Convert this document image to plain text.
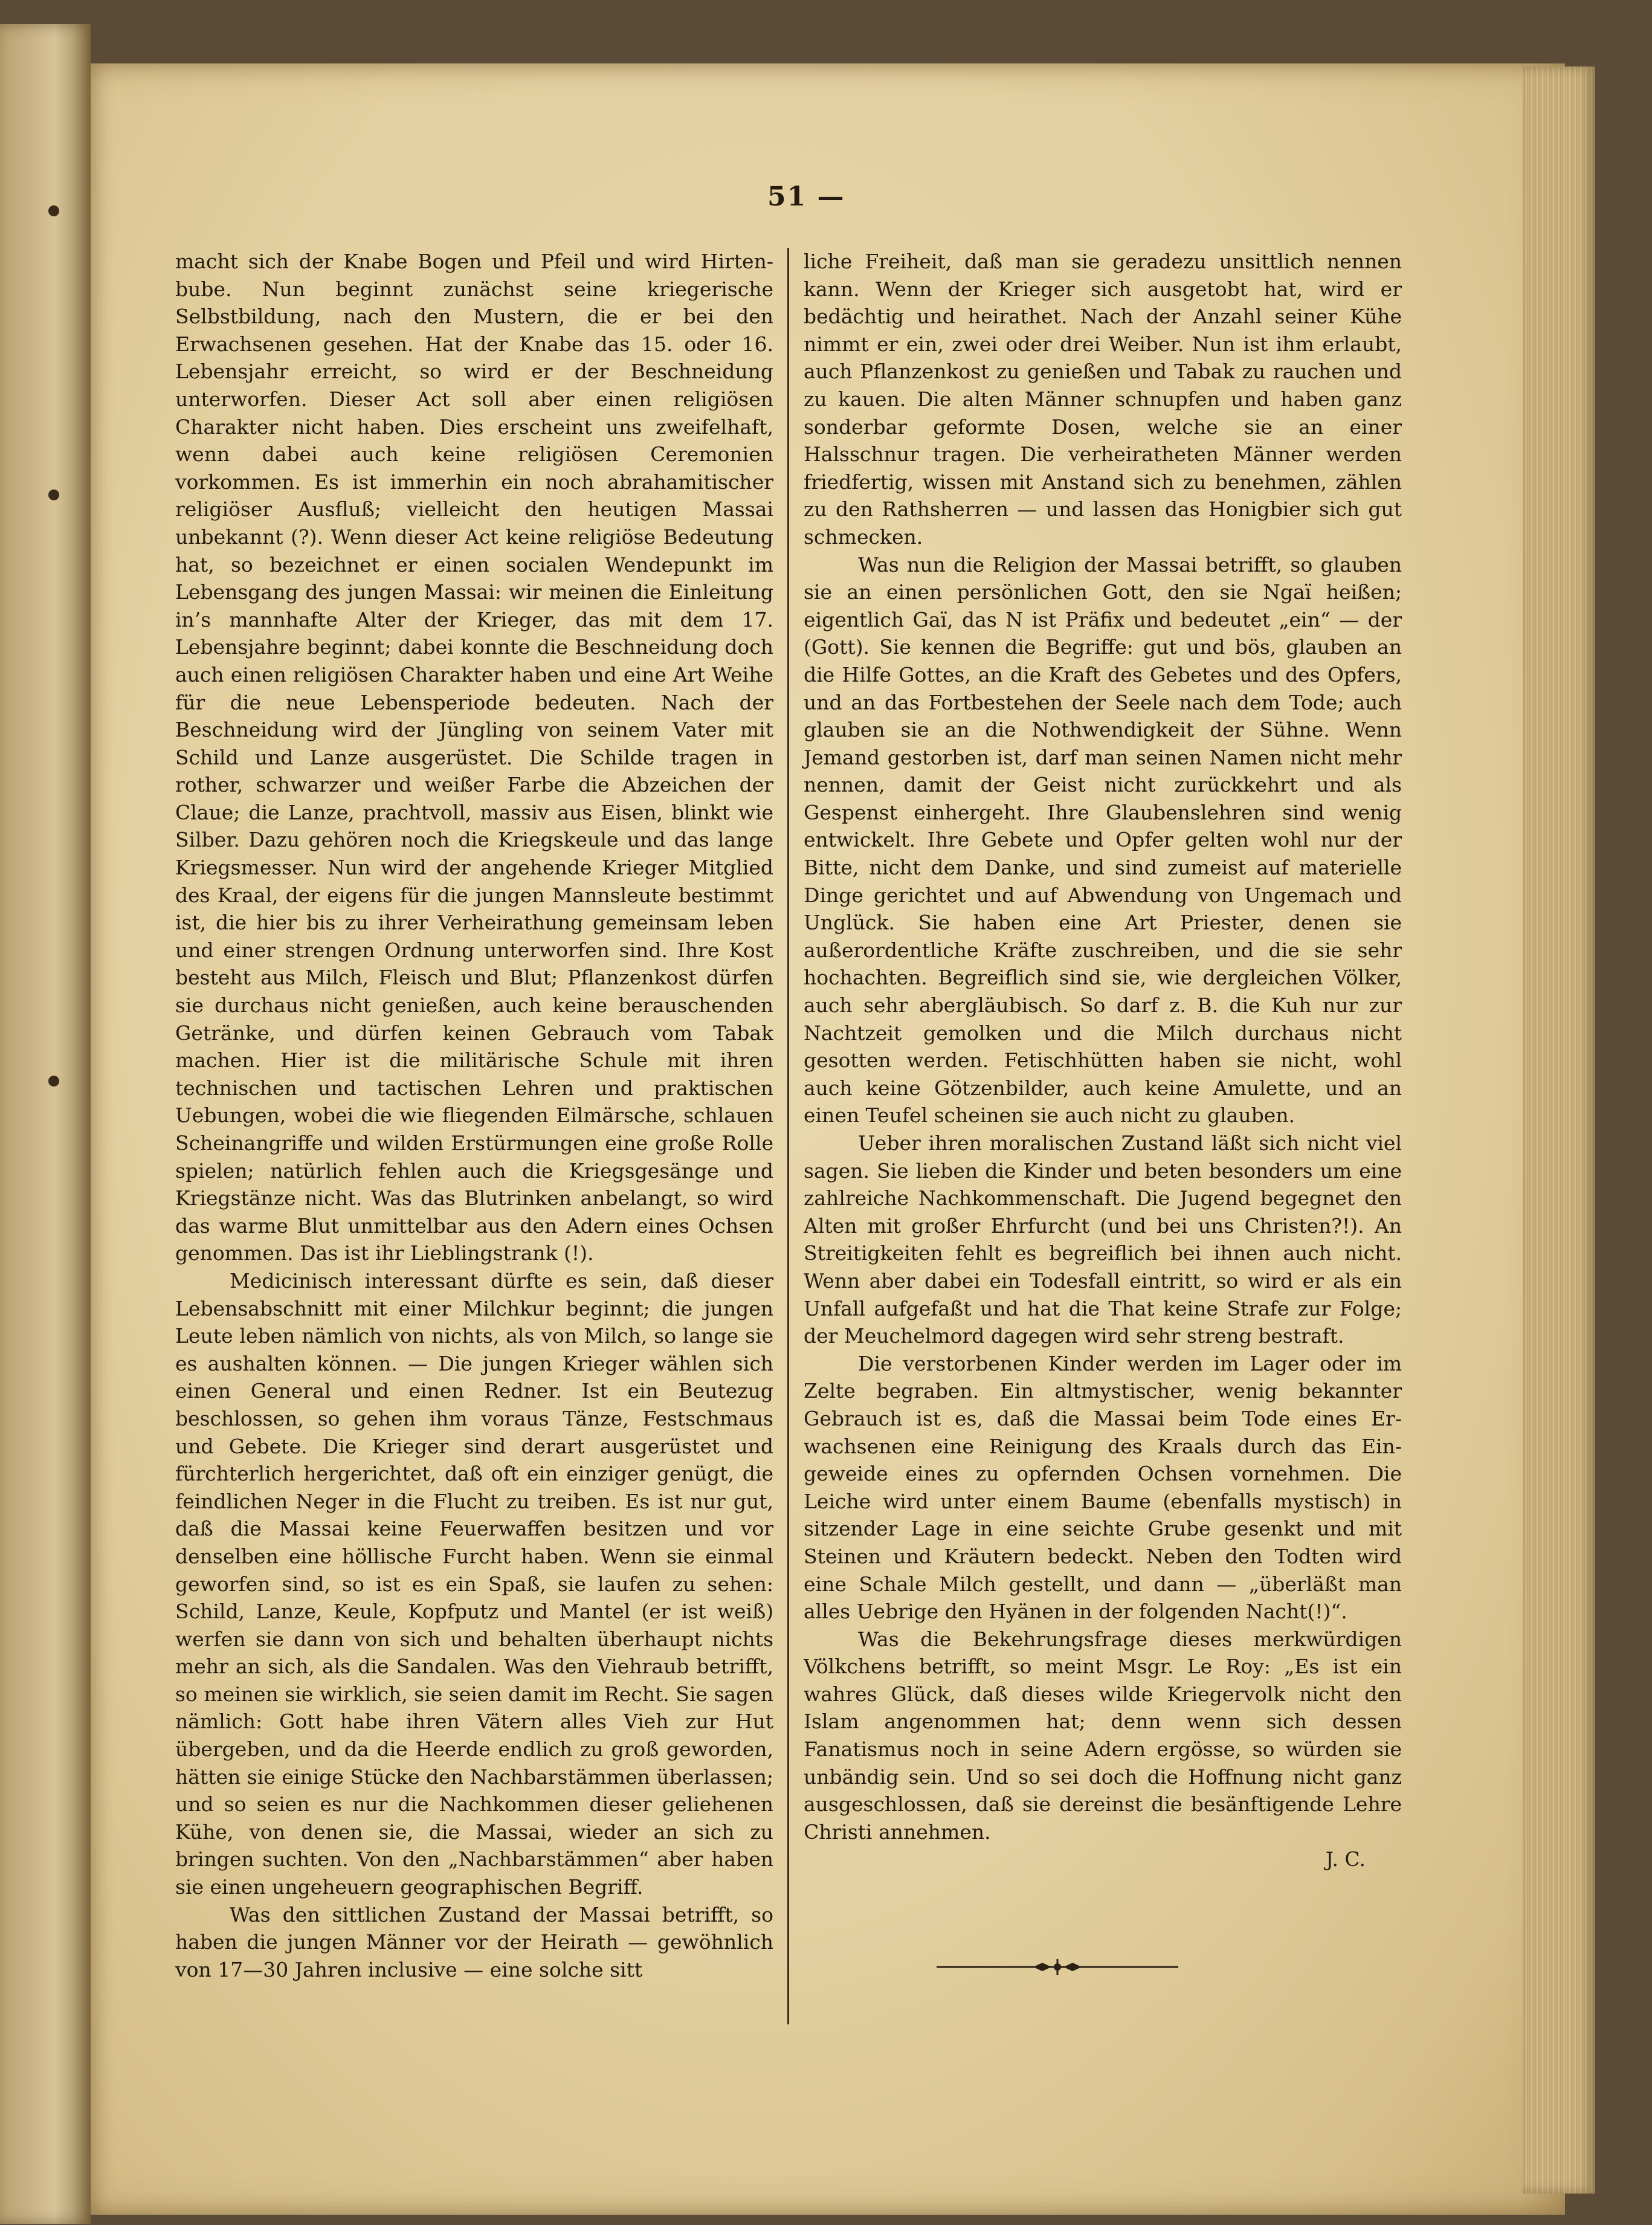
51 —

macht sich der Knabe Bogen und Pfeil und wird Hirtenbube. Nun beginnt zunächst seine kriegerische Selbstbildung, nach den Mustern, die er bei den Erwachsenen gesehen. Hat der Knabe das 15. oder 16. Lebensjahr erreicht, so wird er der Beschneidung unterworfen. Dieser Act soll aber einen religiösen Charakter nicht haben. Dies erscheint uns zweifelhaft, wenn dabei auch keine religiösen Ceremonien vorkommen. Es ist immerhin ein noch abrahamitischer religiöser Ausfluß; vielleicht den heutigen Massai unbekannt (?). Wenn dieser Act keine religiöse Bedeutung hat, so bezeichnet er einen socialen Wendepunkt im Lebensgang des jungen Massai: wir meinen die Einleitung in’s mannhafte Alter der Krieger, das mit dem 17. Lebensjahre beginnt; dabei konnte die Beschneidung doch auch einen religiösen Charakter haben und eine Art Weihe für die neue Lebensperiode bedeuten. Nach der Beschneidung wird der Jüngling von seinem Vater mit Schild und Lanze ausgerüstet. Die Schilde tragen in rother, schwarzer und weißer Farbe die Abzeichen der Claue; die Lanze, prachtvoll, massiv aus Eisen, blinkt wie Silber. Dazu gehören noch die Kriegskeule und das lange Kriegsmesser. Nun wird der angehende Krieger Mitglied des Kraal, der eigens für die jungen Mannsleute bestimmt ist, die hier bis zu ihrer Verheirathung gemeinsam leben und einer strengen Ordnung unterworfen sind. Ihre Kost besteht aus Milch, Fleisch und Blut; Pflanzenkost dürfen sie durchaus nicht genießen, auch keine berauschenden Getränke, und dürfen keinen Gebrauch vom Tabak machen. Hier ist die militärische Schule mit ihren technischen und tactischen Lehren und praktischen Uebungen, wobei die wie fliegenden Eilmärsche, schlauen Scheinangriffe und wilden Erstürmungen eine große Rolle spielen; natürlich fehlen auch die Kriegsgesänge und Kriegstänze nicht. Was das Blutrinken anbelangt, so wird das warme Blut unmittelbar aus den Adern eines Ochsen genommen. Das ist ihr Lieblingstrank (!).

Medicinisch interessant dürfte es sein, daß dieser Lebensabschnitt mit einer Milchkur beginnt; die jungen Leute leben nämlich von nichts, als von Milch, so lange sie es aushalten können. — Die jungen Krieger wählen sich einen General und einen Redner. Ist ein Beutezug beschlossen, so gehen ihm voraus Tänze, Festschmaus und Gebete. Die Krieger sind derart ausgerüstet und fürchterlich hergerichtet, daß oft ein einziger genügt, die feindlichen Neger in die Flucht zu treiben. Es ist nur gut, daß die Massai keine Feuerwaffen besitzen und vor denselben eine höllische Furcht haben. Wenn sie einmal geworfen sind, so ist es ein Spaß, sie laufen zu sehen: Schild, Lanze, Keule, Kopfputz und Mantel (er ist weiß) werfen sie dann von sich und behalten überhaupt nichts mehr an sich, als die Sandalen. Was den Viehraub betrifft, so meinen sie wirklich, sie seien damit im Recht. Sie sagen nämlich: Gott habe ihren Vätern alles Vieh zur Hut übergeben, und da die Heerde endlich zu groß geworden, hätten sie einige Stücke den Nachbarstämmen überlassen; und so seien es nur die Nachkommen dieser geliehenen Kühe, von denen sie, die Massai, wieder an sich zu bringen suchten. Von den „Nachbarstämmen“ aber haben sie einen ungeheuern geographischen Begriff.

Was den sittlichen Zustand der Massai betrifft, so haben die jungen Männer vor der Heirath — gewöhnlich von 17—30 Jahren inclusive — eine solche sitt

liche Freiheit, daß man sie geradezu unsittlich nennen kann. Wenn der Krieger sich ausgetobt hat, wird er bedächtig und heirathet. Nach der Anzahl seiner Kühe nimmt er ein, zwei oder drei Weiber. Nun ist ihm erlaubt, auch Pflanzenkost zu genießen und Tabak zu rauchen und zu kauen. Die alten Männer schnupfen und haben ganz sonderbar geformte Dosen, welche sie an einer Halsschnur tragen. Die verheiratheten Männer werden friedfertig, wissen mit Anstand sich zu benehmen, zählen zu den Rathsherren — und lassen das Honigbier sich gut schmecken.

Was nun die Religion der Massai betrifft, so glauben sie an einen persönlichen Gott, den sie Ngaï heißen; eigentlich Gaï, das N ist Präfix und bedeutet „ein“ — der (Gott). Sie kennen die Begriffe: gut und bös, glauben an die Hilfe Gottes, an die Kraft des Gebetes und des Opfers, und an das Fortbestehen der Seele nach dem Tode; auch glauben sie an die Nothwendigkeit der Sühne. Wenn Jemand gestorben ist, darf man seinen Namen nicht mehr nennen, damit der Geist nicht zurückkehrt und als Gespenst einhergeht. Ihre Glaubenslehren sind wenig entwickelt. Ihre Gebete und Opfer gelten wohl nur der Bitte, nicht dem Danke, und sind zumeist auf materielle Dinge gerichtet und auf Abwendung von Ungemach und Unglück. Sie haben eine Art Priester, denen sie außerordentliche Kräfte zuschreiben, und die sie sehr hochachten. Begreiflich sind sie, wie dergleichen Völker, auch sehr abergläubisch. So darf z. B. die Kuh nur zur Nachtzeit gemolken und die Milch durchaus nicht gesotten werden. Fetischhütten haben sie nicht, wohl auch keine Götzenbilder, auch keine Amulette, und an einen Teufel scheinen sie auch nicht zu glauben.

Ueber ihren moralischen Zustand läßt sich nicht viel sagen. Sie lieben die Kinder und beten besonders um eine zahlreiche Nachkommenschaft. Die Jugend begegnet den Alten mit großer Ehrfurcht (und bei uns Christen?!). An Streitigkeiten fehlt es begreiflich bei ihnen auch nicht. Wenn aber dabei ein Todesfall eintritt, so wird er als ein Unfall aufgefaßt und hat die That keine Strafe zur Folge; der Meuchelmord dagegen wird sehr streng bestraft.

Die verstorbenen Kinder werden im Lager oder im Zelte begraben. Ein altmystischer, wenig bekannter Gebrauch ist es, daß die Massai beim Tode eines Erwachsenen eine Reinigung des Kraals durch das Eingeweide eines zu opfernden Ochsen vornehmen. Die Leiche wird unter einem Baume (ebenfalls mystisch) in sitzender Lage in eine seichte Grube gesenkt und mit Steinen und Kräutern bedeckt. Neben den Todten wird eine Schale Milch gestellt, und dann — „überläßt man alles Uebrige den Hyänen in der folgenden Nacht(!)“.

Was die Bekehrungsfrage dieses merkwürdigen Völkchens betrifft, so meint Msgr. Le Roy: „Es ist ein wahres Glück, daß dieses wilde Kriegervolk nicht den Islam angenommen hat; denn wenn sich dessen Fanatismus noch in seine Adern ergösse, so würden sie unbändig sein. Und so sei doch die Hoffnung nicht ganz ausgeschlossen, daß sie dereinst die besänftigende Lehre Christi annehmen.

J. C.
